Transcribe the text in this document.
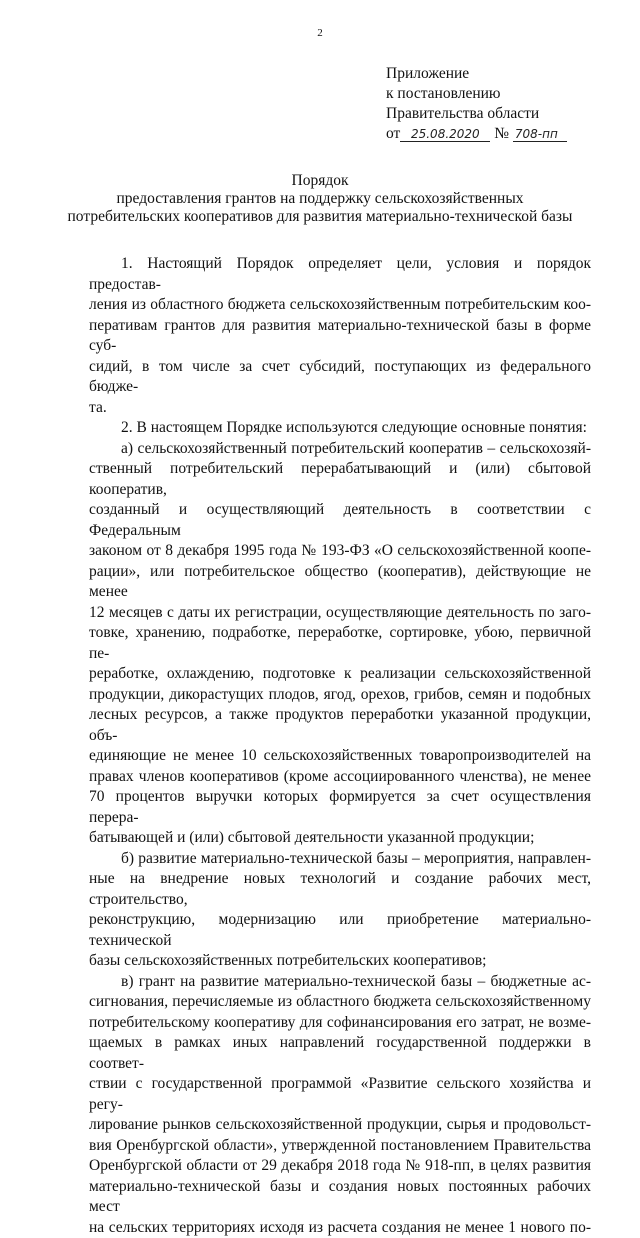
2
Приложение
к постановлению
Правительства области
от 25.08.2020 № 708-пп
Порядок
предоставления грантов на поддержку сельскохозяйственных
потребительских кооперативов для развития материально-технической базы

1. Настоящий Порядок определяет цели, условия и порядок предостав-

ления из областного бюджета сельскохозяйственным потребительским коо-

перативам грантов для развития материально-технической базы в форме суб-

сидий, в том числе за счет субсидий, поступающих из федерального бюдже-

та.

2. В настоящем Порядке используются следующие основные понятия:

а) сельскохозяйственный потребительский кооператив – сельскохозяй-

ственный потребительский перерабатывающий и (или) сбытовой кооператив,

созданный и осуществляющий деятельность в соответствии с Федеральным

законом от 8 декабря 1995 года № 193-ФЗ «О сельскохозяйственной коопе-

рации», или потребительское общество (кооператив), действующие не менее

12 месяцев с даты их регистрации, осуществляющие деятельность по заго-

товке, хранению, подработке, переработке, сортировке, убою, первичной пе-

реработке, охлаждению, подготовке к реализации сельскохозяйственной

продукции, дикорастущих плодов, ягод, орехов, грибов, семян и подобных

лесных ресурсов, а также продуктов переработки указанной продукции, объ-

единяющие не менее 10 сельскохозяйственных товаропроизводителей на

правах членов кооперативов (кроме ассоциированного членства), не менее

70 процентов выручки которых формируется за счет осуществления перера-

батывающей и (или) сбытовой деятельности указанной продукции;

б) развитие материально-технической базы – мероприятия, направлен-

ные на внедрение новых технологий и создание рабочих мест, строительство,

реконструкцию, модернизацию или приобретение материально-технической

базы сельскохозяйственных потребительских кооперативов;

в) грант на развитие материально-технической базы – бюджетные ас-

сигнования, перечисляемые из областного бюджета сельскохозяйственному

потребительскому кооперативу для софинансирования его затрат, не возме-

щаемых в рамках иных направлений государственной поддержки в соответ-

ствии с государственной программой «Развитие сельского хозяйства и регу-

лирование рынков сельскохозяйственной продукции, сырья и продовольст-

вия Оренбургской области», утвержденной постановлением Правительства

Оренбургской области от 29 декабря 2018 года № 918-пп, в целях развития

материально-технической базы и создания новых постоянных рабочих мест

на сельских территориях исходя из расчета создания не менее 1 нового по-
